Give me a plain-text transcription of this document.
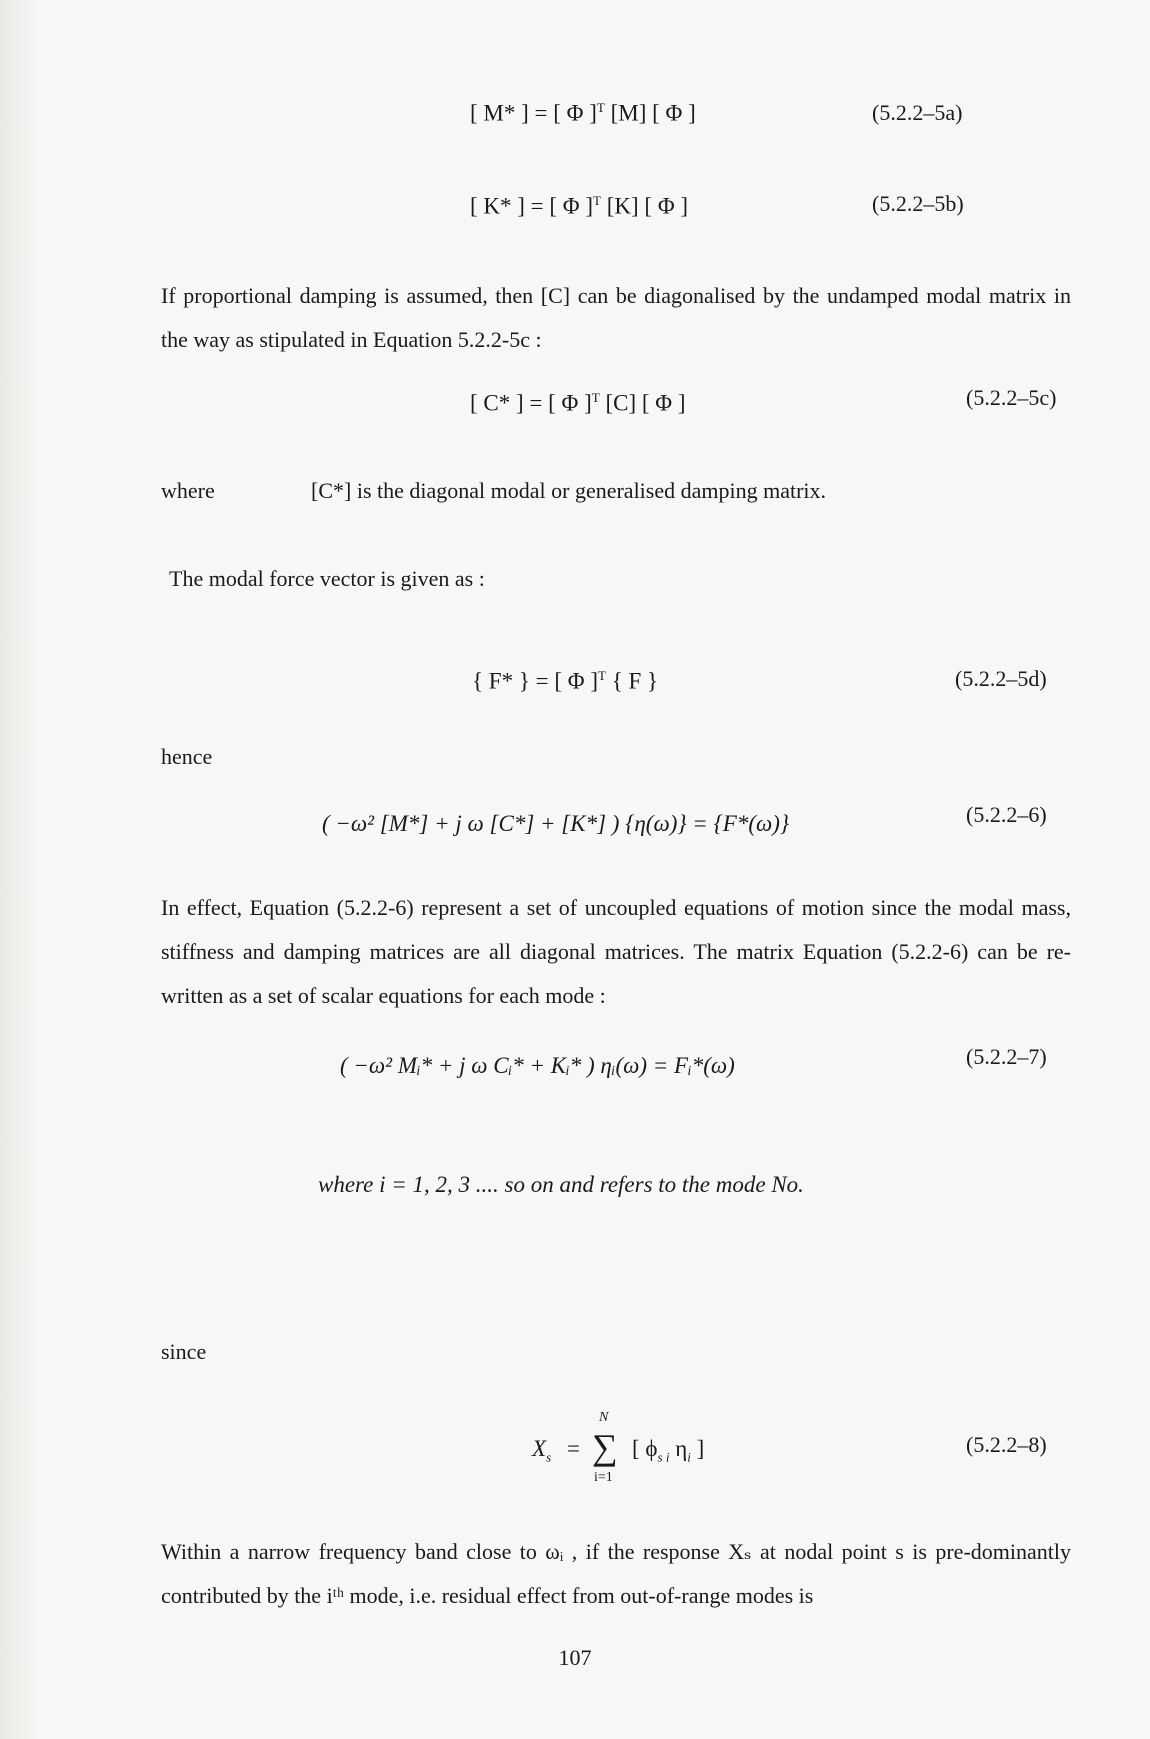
[ M* ] = [ Φ ]$^T$ [M] [ Φ ]	(5.2.2–5a)
[ K* ] = [ Φ ]$^T$ [K] [ Φ ]	(5.2.2–5b)
If proportional damping is assumed, then [C] can be diagonalised by the undamped modal matrix in the way as stipulated in Equation 5.2.2-5c :
[ C* ] = [ Φ ]$^T$ [C] [ Φ ]	(5.2.2–5c)
where	[C*] is the diagonal modal or generalised damping matrix.
The modal force vector is given as :
{ F* } = [ Φ ]$^T$ { F }	(5.2.2–5d)
hence
( −ω² [M*] + j ω [C*] + [K*] ) {η(ω)} = {F*(ω)}	(5.2.2–6)
In effect, Equation (5.2.2-6) represent a set of uncoupled equations of motion since the modal mass, stiffness and damping matrices are all diagonal matrices. The matrix Equation (5.2.2-6) can be re-written as a set of scalar equations for each mode :
( −ω² Mᵢ* + j ω Cᵢ* + Kᵢ* ) ηᵢ(ω) = Fᵢ*(ω)	(5.2.2–7)
where i = 1, 2, 3 .... so on and refers to the mode No.
since
$X_s$ =
N
∑
i=1
[ $\phi_{s i}$ $\eta_i$ ]	(5.2.2–8)
Within a narrow frequency band close to ωᵢ , if the response Xₛ at nodal point s is pre-dominantly contributed by the iᵗʰ mode, i.e. residual effect from out-of-range modes is
107
